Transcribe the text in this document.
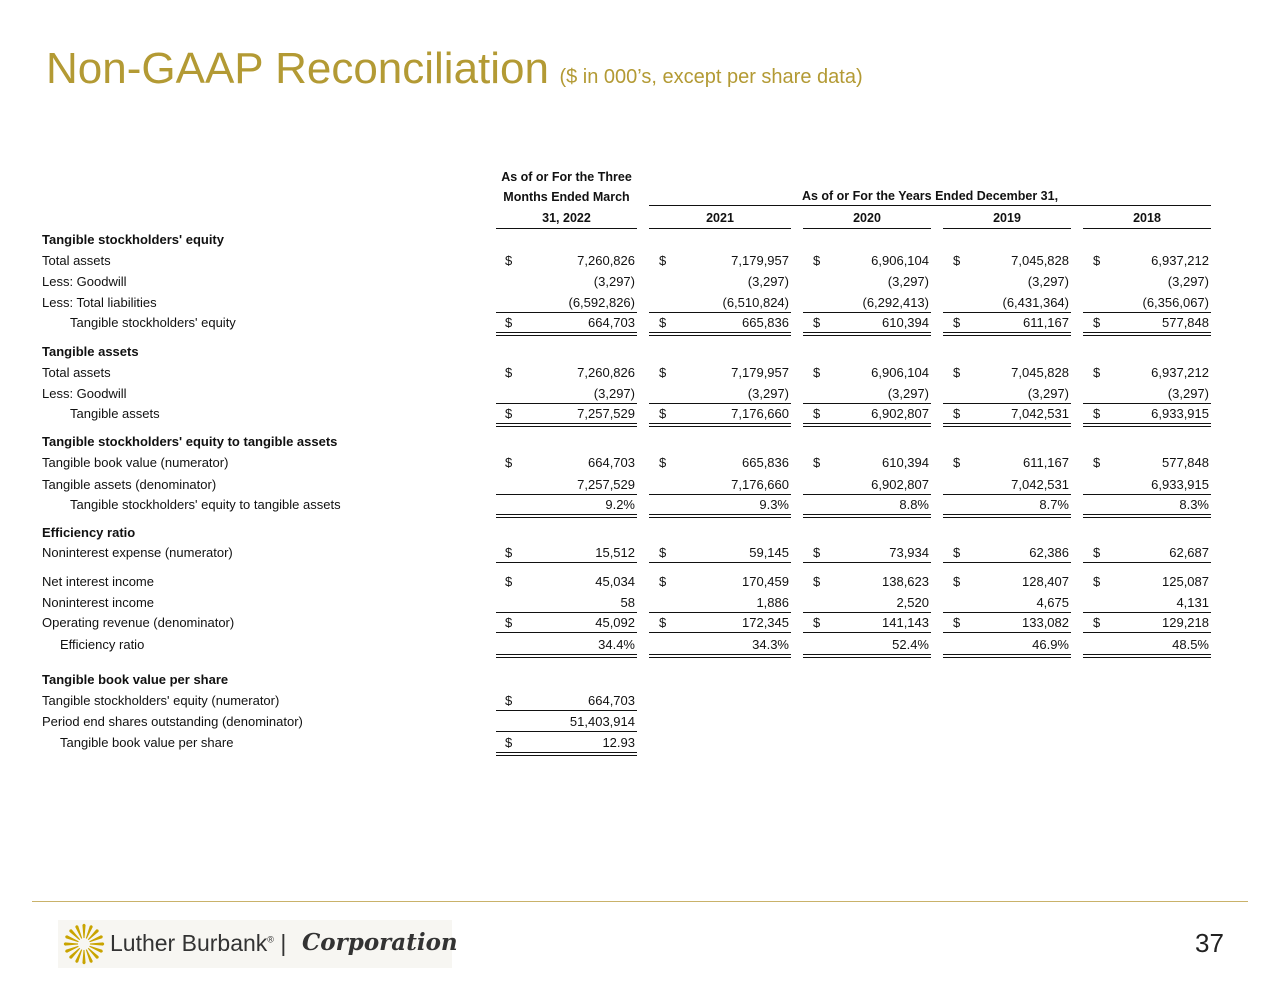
Non-GAAP Reconciliation ($ in 000’s, except per share data)
As of or For the Three
Months Ended March
31, 2022
As of or For the Years Ended December 31,
2021	2020	2019	2018
Tangible stockholders' equity
Total assets	$	7,260,826 $	7,179,957 $	6,906,104 $	7,045,828 $	6,937,212
Less: Goodwill	(3,297)	(3,297)	(3,297)	(3,297)	(3,297)
Less: Total liabilities	(6,592,826)	(6,510,824)	(6,292,413)	(6,431,364)	(6,356,067)
Tangible stockholders' equity	$	664,703 $	665,836 $	610,394 $	611,167 $	577,848
Tangible assets
Total assets	$	7,260,826 $	7,179,957 $	6,906,104 $	7,045,828 $	6,937,212
Less: Goodwill	(3,297)	(3,297)	(3,297)	(3,297)	(3,297)
Tangible assets	$	7,257,529 $	7,176,660 $	6,902,807 $	7,042,531 $	6,933,915
Tangible stockholders' equity to tangible assets
Tangible book value (numerator)	$	664,703 $	665,836 $	610,394 $	611,167 $	577,848
Tangible assets (denominator)	7,257,529	7,176,660	6,902,807	7,042,531	6,933,915
Tangible stockholders' equity to tangible assets	9.2%	9.3%	8.8%	8.7%	8.3%
Efficiency ratio
Noninterest expense (numerator)	$	15,512 $	59,145 $	73,934 $	62,386 $	62,687
Net interest income	$	45,034 $	170,459 $	138,623 $	128,407 $	125,087
Noninterest income	58	1,886	2,520	4,675	4,131
Operating revenue (denominator)	$	45,092 $	172,345 $	141,143 $	133,082 $	129,218
Efficiency ratio	34.4%	34.3%	52.4%	46.9%	48.5%
Tangible book value per share
Tangible stockholders' equity (numerator)	$	664,703
Period end shares outstanding (denominator)	51,403,914
Tangible book value per share	$	12.93
Luther Burbank® | Corporation	37
